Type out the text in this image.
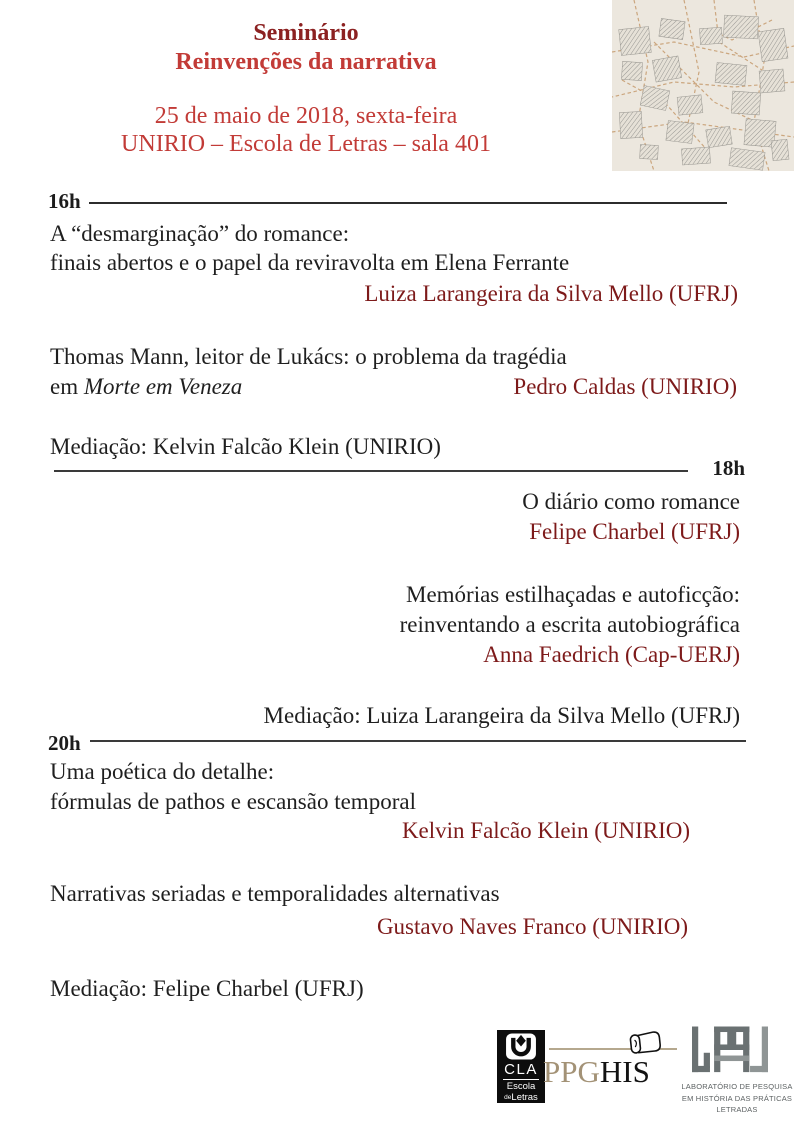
Seminário
Reinvenções da narrativa
25 de maio de 2018, sexta-feira
UNIRIO – Escola de Letras – sala 401
16h
A “desmarginação” do romance:
finais abertos e o papel da reviravolta em Elena Ferrante
Luiza Larangeira da Silva Mello (UFRJ)
Thomas Mann, leitor de Lukács: o problema da tragédia
em Morte em Veneza	Pedro Caldas (UNIRIO)
Mediação: Kelvin Falcão Klein (UNIRIO)
18h
O diário como romance
Felipe Charbel (UFRJ)
Memórias estilhaçadas e autoficção:
reinventando a escrita autobiográfica
Anna Faedrich (Cap-UERJ)
Mediação: Luiza Larangeira da Silva Mello (UFRJ)
20h
Uma poética do detalhe:
fórmulas de pathos e escansão temporal
Kelvin Falcão Klein (UNIRIO)
Narrativas seriadas e temporalidades alternativas
Gustavo Naves Franco (UNIRIO)
Mediação: Felipe Charbel (UFRJ)
CLA
Escola
$^{de}$Letras
PPGHIS	LABORATÓRIO DE PESQUISA
EM HISTÓRIA DAS PRÁTICAS
LETRADAS
